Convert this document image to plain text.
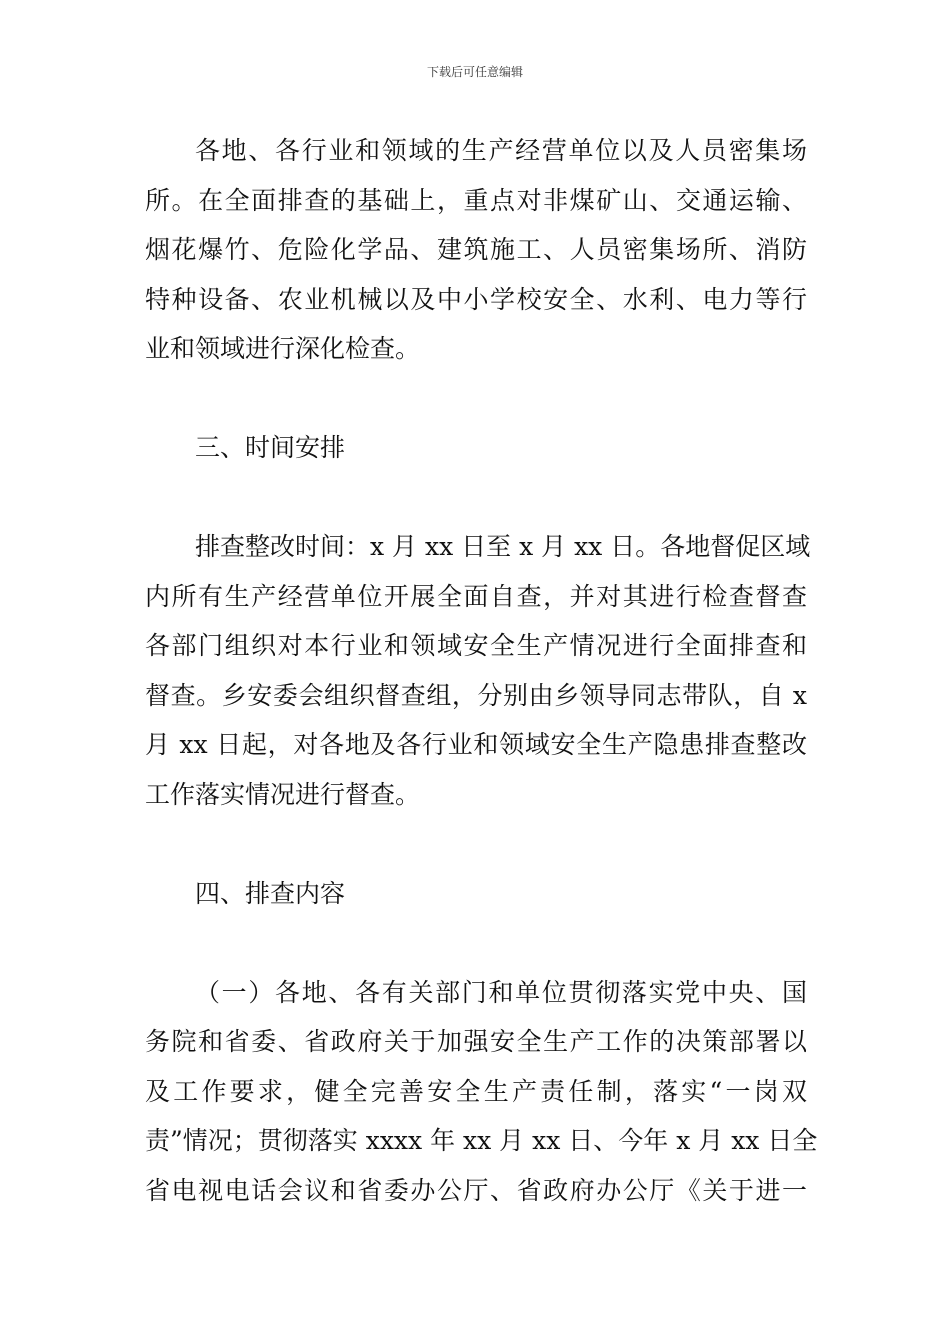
下载后可任意编辑
各地、各行业和领域的生产经营单位以及人员密集场
所。在全面排查的基础上，重点对非煤矿山、交通运输、
烟花爆竹、危险化学品、建筑施工、人员密集场所、消防
特种设备、农业机械以及中小学校安全、水利、电力等行
业和领域进行深化检查。
三、时间安排
排查整改时间：x 月 xx 日至 x 月 xx 日。各地督促区域
内所有生产经营单位开展全面自查，并对其进行检查督查
各部门组织对本行业和领域安全生产情况进行全面排查和
督查。乡安委会组织督查组，分别由乡领导同志带队，自 x
月 xx 日起，对各地及各行业和领域安全生产隐患排查整改
工作落实情况进行督查。
四、排查内容
（一）各地、各有关部门和单位贯彻落实党中央、国
务院和省委、省政府关于加强安全生产工作的决策部署以
及工作要求，健全完善安全生产责任制，落实“一岗双
责”情况；贯彻落实 xxxx 年 xx 月 xx 日、今年 x 月 xx 日全
省电视电话会议和省委办公厅、省政府办公厅《关于进一
